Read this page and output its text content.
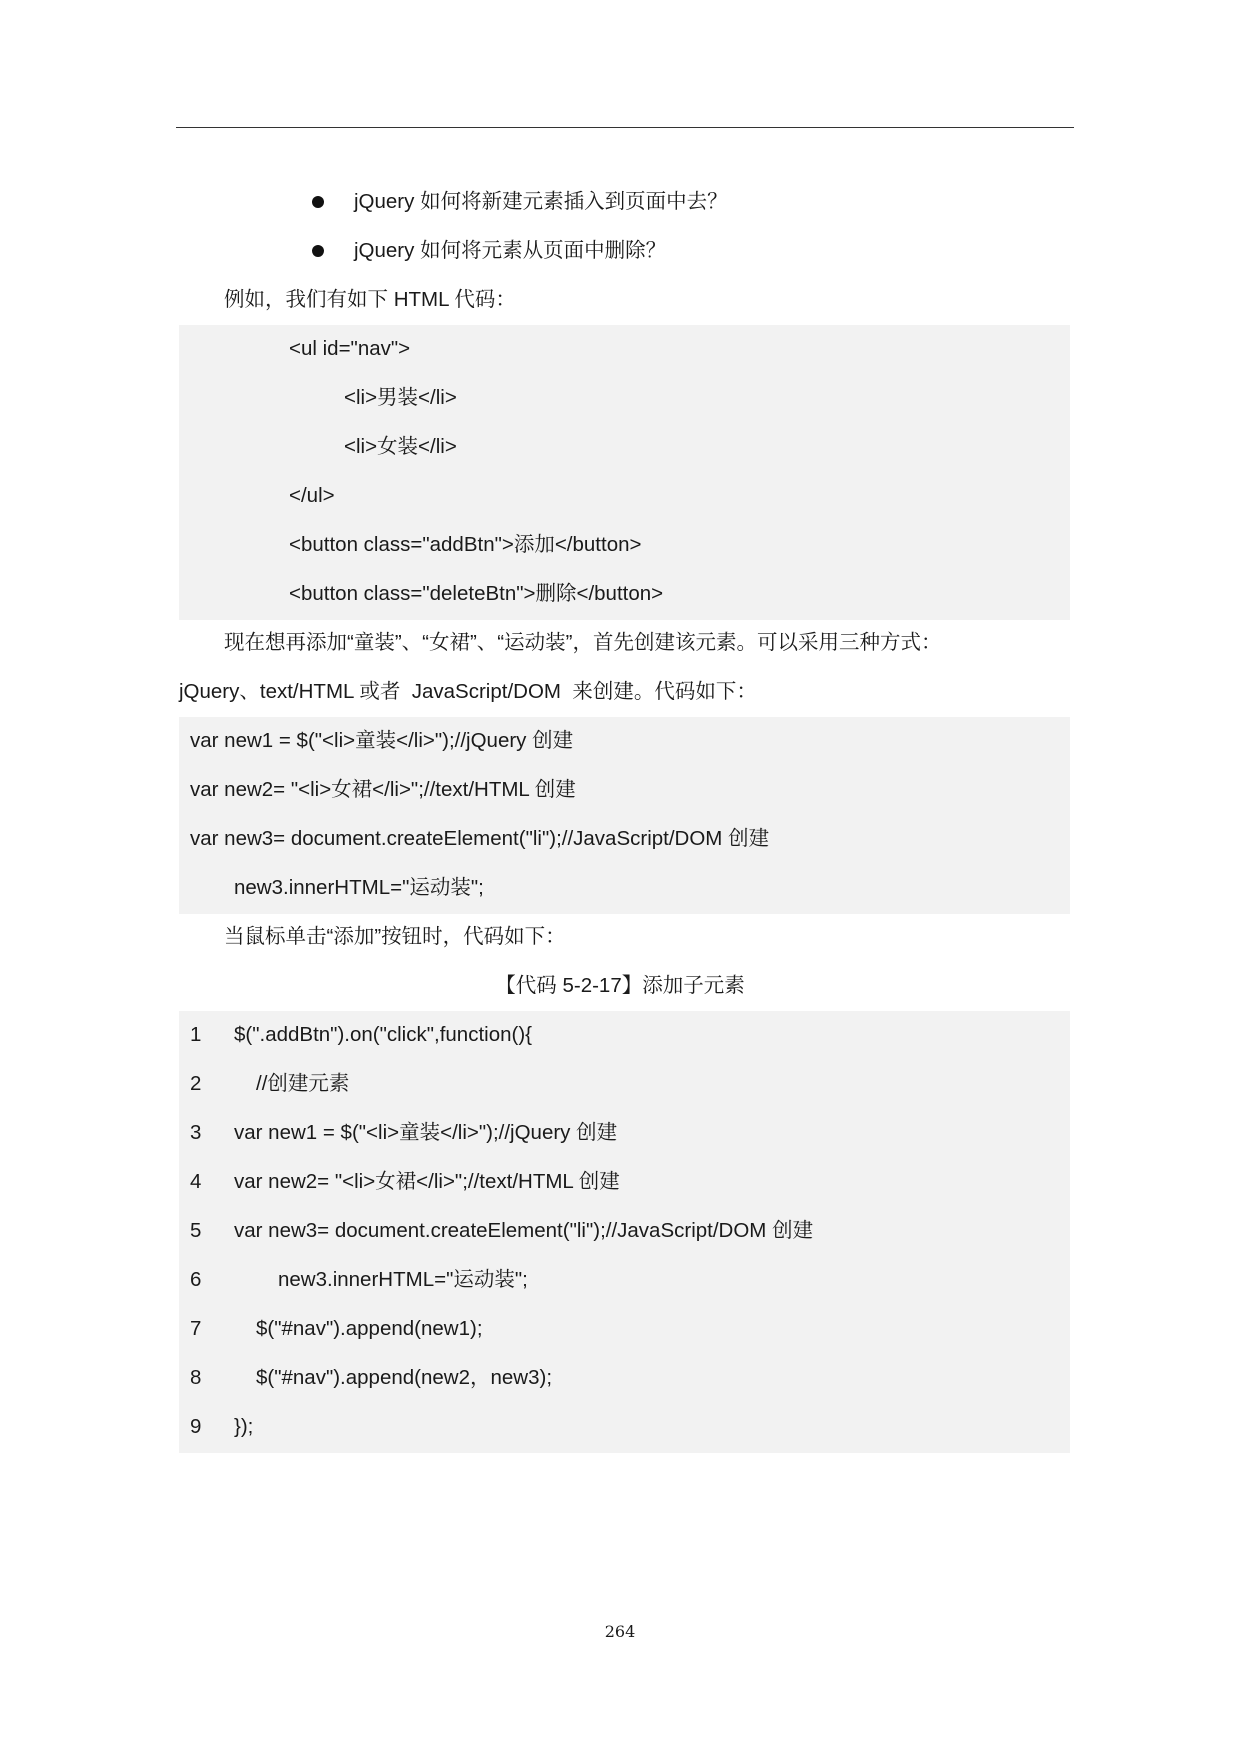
jQuery 如何将新建元素插入到页面中去？
jQuery 如何将元素从页面中删除？
例如，我们有如下 HTML 代码：
<ul id="nav">
<li>男装</li>
<li>女装</li>
</ul>
<button class="addBtn">添加</button>
<button class="deleteBtn">删除</button>
现在想再添加“童装”、“女裙”、“运动装”，首先创建该元素。可以采用三种方式：
jQuery、text/HTML 或者  JavaScript/DOM  来创建。代码如下：
var new1 = $("<li>童装</li>");//jQuery 创建
var new2= "<li>女裙</li>";//text/HTML 创建
var new3= document.createElement("li");//JavaScript/DOM 创建
new3.innerHTML="运动装";
当鼠标单击“添加”按钮时，代码如下：
【代码 5-2-17】添加子元素
1	$(".addBtn").on("click",function(){
2	//创建元素
3	var new1 = $("<li>童装</li>");//jQuery 创建
4	var new2= "<li>女裙</li>";//text/HTML 创建
5	var new3= document.createElement("li");//JavaScript/DOM 创建
6	new3.innerHTML="运动装";
7	$("#nav").append(new1);
8	$("#nav").append(new2，new3);
9	});
264
